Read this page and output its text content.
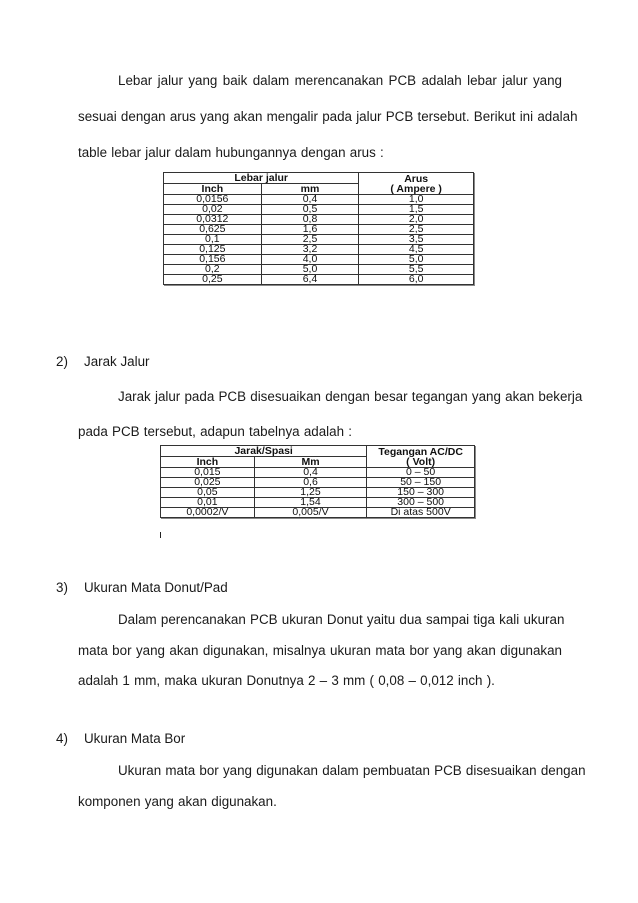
Lebar jalur yang baik dalam merencanakan PCB adalah lebar jalur yang
sesuai dengan arus yang akan mengalir pada jalur PCB tersebut. Berikut ini adalah
table lebar jalur dalam hubungannya dengan arus :
Lebar jalur		Arus
( Ampere )

Inch	mm	
0,0156	0,4	1,0
0,02	0,5	1,5
0,0312	0,8	2,0
0,625	1,6	2,5
0,1	2,5	3,5
0,125	3,2	4,5
0,156	4,0	5,0
0,2	5,0	5,5
0,25	6,4	6,0
2) Jarak Jalur
Jarak jalur pada PCB disesuaikan dengan besar tegangan yang akan bekerja
pada PCB tersebut, adapun tabelnya adalah :
Jarak/Spasi		Tegangan AC/DC
( Volt)

Inch	Mm	
0,015	0,4	0 – 50
0,025	0,6	50 – 150
0,05	1,25	150 – 300
0,01	1,54	300 – 500
0,0002/V	0,005/V	Di atas 500V
3) Ukuran Mata Donut/Pad
Dalam perencanakan PCB ukuran Donut yaitu dua sampai tiga kali ukuran
mata bor yang akan digunakan, misalnya ukuran mata bor yang akan digunakan
adalah 1 mm, maka ukuran Donutnya 2 – 3 mm ( 0,08 – 0,012 inch ).
4) Ukuran Mata Bor
Ukuran mata bor yang digunakan dalam pembuatan PCB disesuaikan dengan
komponen yang akan digunakan.
